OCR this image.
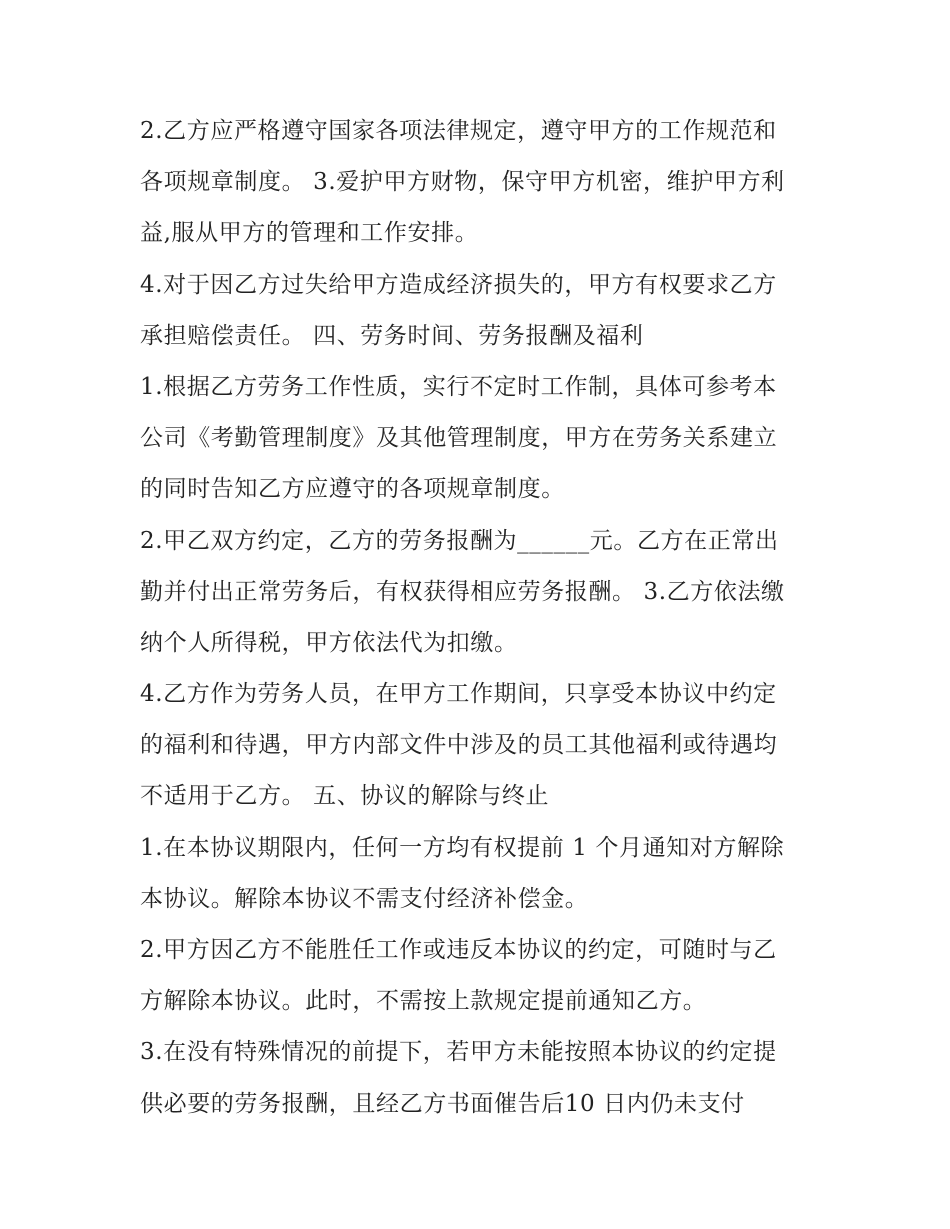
2.乙方应严格遵守国家各项法律规定，遵守甲方的工作规范和
各项规章制度。 3.爱护甲方财物，保守甲方机密，维护甲方利
益,服从甲方的管理和工作安排。
4.对于因乙方过失给甲方造成经济损失的，甲方有权要求乙方
承担赔偿责任。 四、劳务时间、劳务报酬及福利
1.根据乙方劳务工作性质，实行不定时工作制，具体可参考本
公司《考勤管理制度》及其他管理制度，甲方在劳务关系建立
的同时告知乙方应遵守的各项规章制度。
2.甲乙双方约定，乙方的劳务报酬为______元。乙方在正常出
勤并付出正常劳务后，有权获得相应劳务报酬。 3.乙方依法缴
纳个人所得税，甲方依法代为扣缴。
4.乙方作为劳务人员，在甲方工作期间，只享受本协议中约定
的福利和待遇，甲方内部文件中涉及的员工其他福利或待遇均
不适用于乙方。 五、协议的解除与终止
1.在本协议期限内，任何一方均有权提前 1 个月通知对方解除
本协议。解除本协议不需支付经济补偿金。
2.甲方因乙方不能胜任工作或违反本协议的约定，可随时与乙
方解除本协议。此时，不需按上款规定提前通知乙方。
3.在没有特殊情况的前提下，若甲方未能按照本协议的约定提
供必要的劳务报酬，且经乙方书面催告后10 日内仍未支付
